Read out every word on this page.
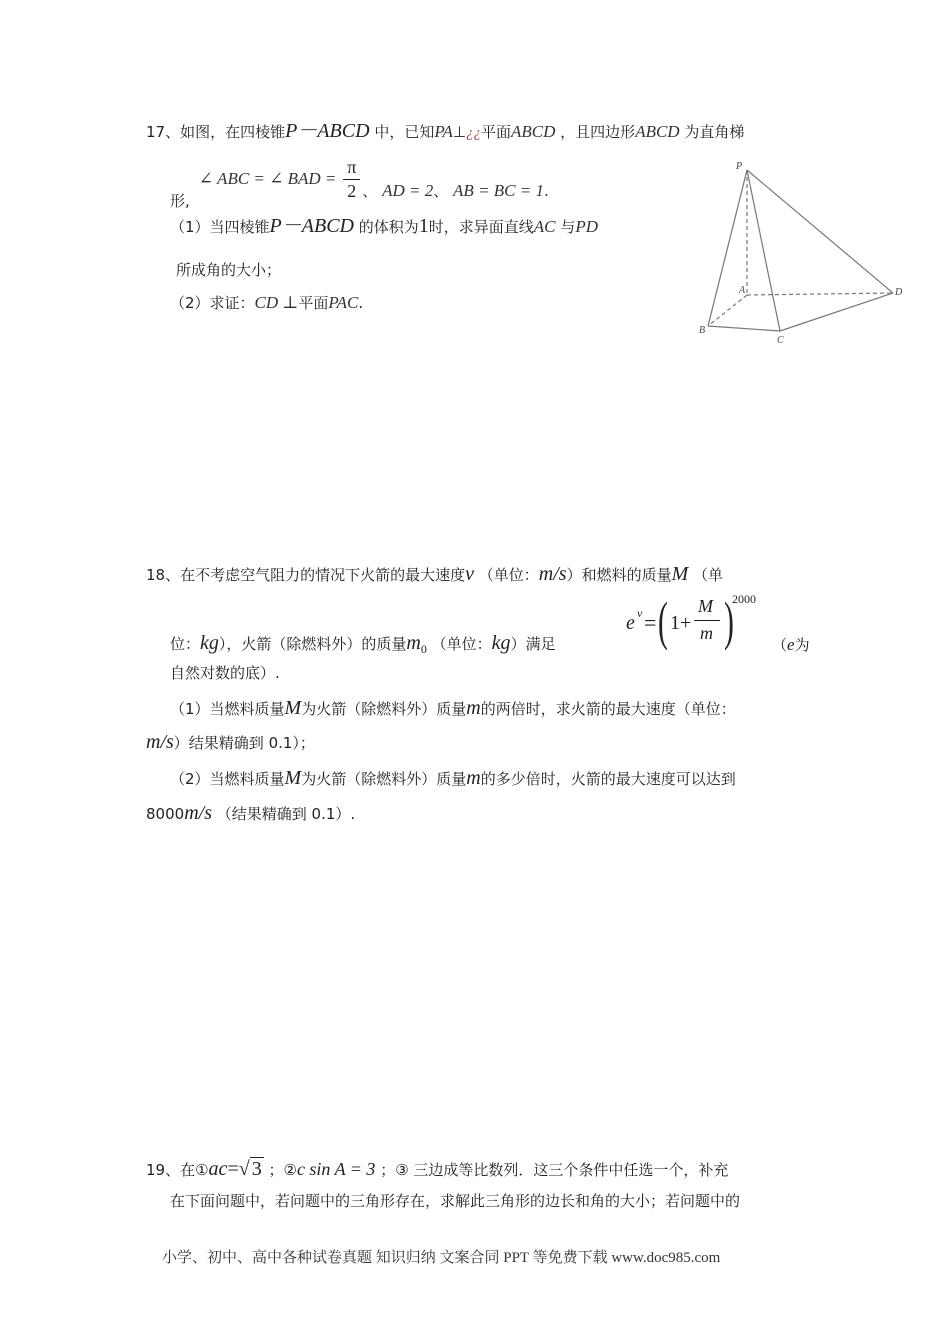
17、如图，在四棱锥P－ABCD 中，已知PA⊥¿¿平面ABCD ，且四边形ABCD 为直角梯
形, ∠ ABC = ∠ BAD = $\frac{\pi}{2}$ 、 AD = 2、 AB = BC = 1.
（1）当四棱锥P－ABCD 的体积为1时，求异面直线AC 与PD
所成角的大小；
（2）求证：CD ⊥平面PAC.
P
A
B
C
D
18、在不考虑空气阻力的情况下火箭的最大速度v （单位：m/s）和燃料的质量M （单
位：kg），火箭（除燃料外）的质量$m_0$ （单位：kg）满足
e v = ( 1+
M
m )
2000
（e为
自然对数的底）.
（1）当燃料质量M为火箭（除燃料外）质量m的两倍时，求火箭的最大速度（单位：
m/s）结果精确到 0.1）；
（2）当燃料质量M为火箭（除燃料外）质量m的多少倍时，火箭的最大速度可以达到
8000m/s （结果精确到 0.1）.
19、在①ac=√ 3 ；②c sin A = 3 ；③ 三边成等比数列．这三个条件中任选一个，补充
在下面问题中，若问题中的三角形存在，求解此三角形的边长和角的大小；若问题中的
小学、初中、高中各种试卷真题 知识归纳 文案合同 PPT 等免费下载 www.doc985.com
